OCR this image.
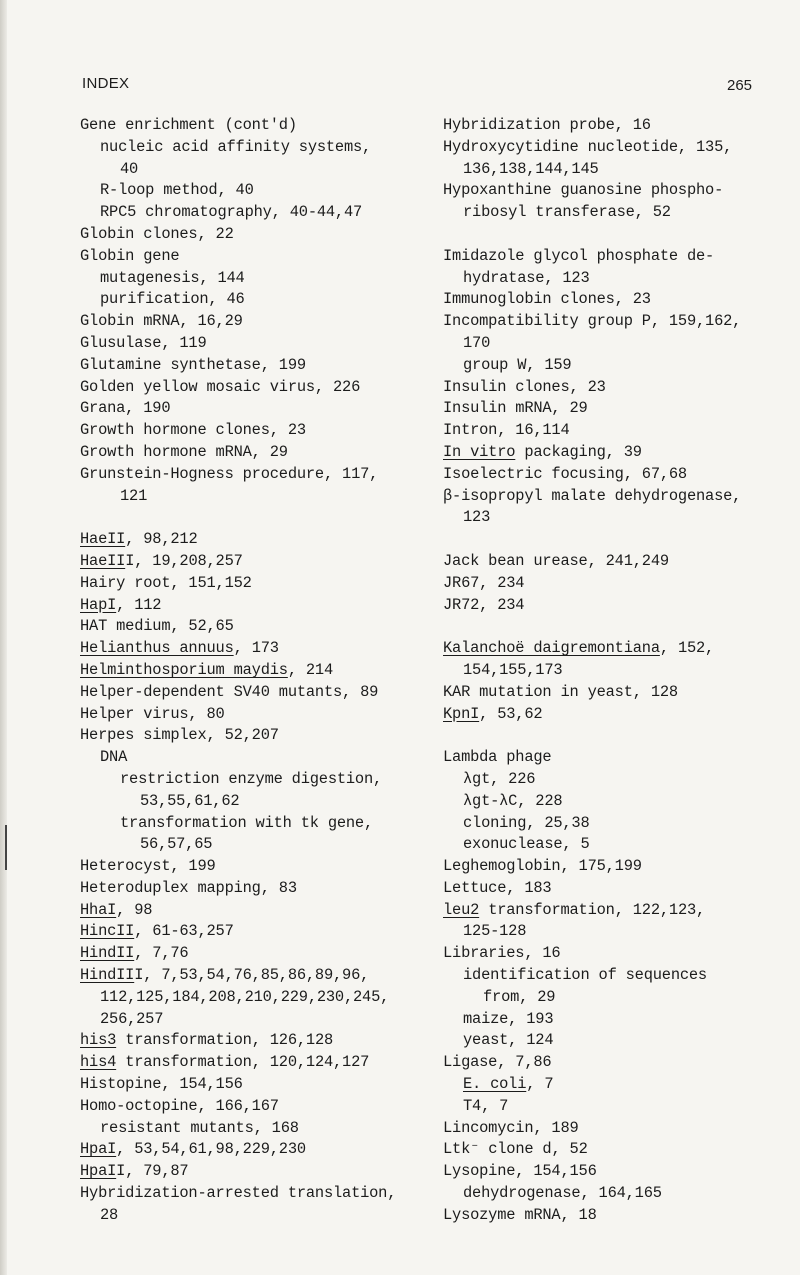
INDEX	265
Gene enrichment (cont'd)
nucleic acid affinity systems,
40
R-loop method, 40
RPC5 chromatography, 40-44,47
Globin clones, 22
Globin gene
mutagenesis, 144
purification, 46
Globin mRNA, 16,29
Glusulase, 119
Glutamine synthetase, 199
Golden yellow mosaic virus, 226
Grana, 190
Growth hormone clones, 23
Growth hormone mRNA, 29
Grunstein-Hogness procedure, 117,
121
HaeII, 98,212
HaeIII, 19,208,257
Hairy root, 151,152
HapI, 112
HAT medium, 52,65
Helianthus annuus, 173
Helminthosporium maydis, 214
Helper-dependent SV40 mutants, 89
Helper virus, 80
Herpes simplex, 52,207
DNA
restriction enzyme digestion,
53,55,61,62
transformation with tk gene,
56,57,65
Heterocyst, 199
Heteroduplex mapping, 83
HhaI, 98
HincII, 61-63,257
HindII, 7,76
HindIII, 7,53,54,76,85,86,89,96,
112,125,184,208,210,229,230,245,
256,257
his3 transformation, 126,128
his4 transformation, 120,124,127
Histopine, 154,156
Homo-octopine, 166,167
resistant mutants, 168
HpaI, 53,54,61,98,229,230
HpaII, 79,87
Hybridization-arrested translation,
28
Hybridization probe, 16
Hydroxycytidine nucleotide, 135,
136,138,144,145
Hypoxanthine guanosine phospho-
ribosyl transferase, 52
Imidazole glycol phosphate de-
hydratase, 123
Immunoglobin clones, 23
Incompatibility group P, 159,162,
170
group W, 159
Insulin clones, 23
Insulin mRNA, 29
Intron, 16,114
In vitro packaging, 39
Isoelectric focusing, 67,68
β-isopropyl malate dehydrogenase,
123
Jack bean urease, 241,249
JR67, 234
JR72, 234
Kalanchoë daigremontiana, 152,
154,155,173
KAR mutation in yeast, 128
KpnI, 53,62
Lambda phage
λgt, 226
λgt-λC, 228
cloning, 25,38
exonuclease, 5
Leghemoglobin, 175,199
Lettuce, 183
leu2 transformation, 122,123,
125-128
Libraries, 16
identification of sequences
from, 29
maize, 193
yeast, 124
Ligase, 7,86
E. coli, 7
T4, 7
Lincomycin, 189
Ltk⁻ clone d, 52
Lysopine, 154,156
dehydrogenase, 164,165
Lysozyme mRNA, 18
